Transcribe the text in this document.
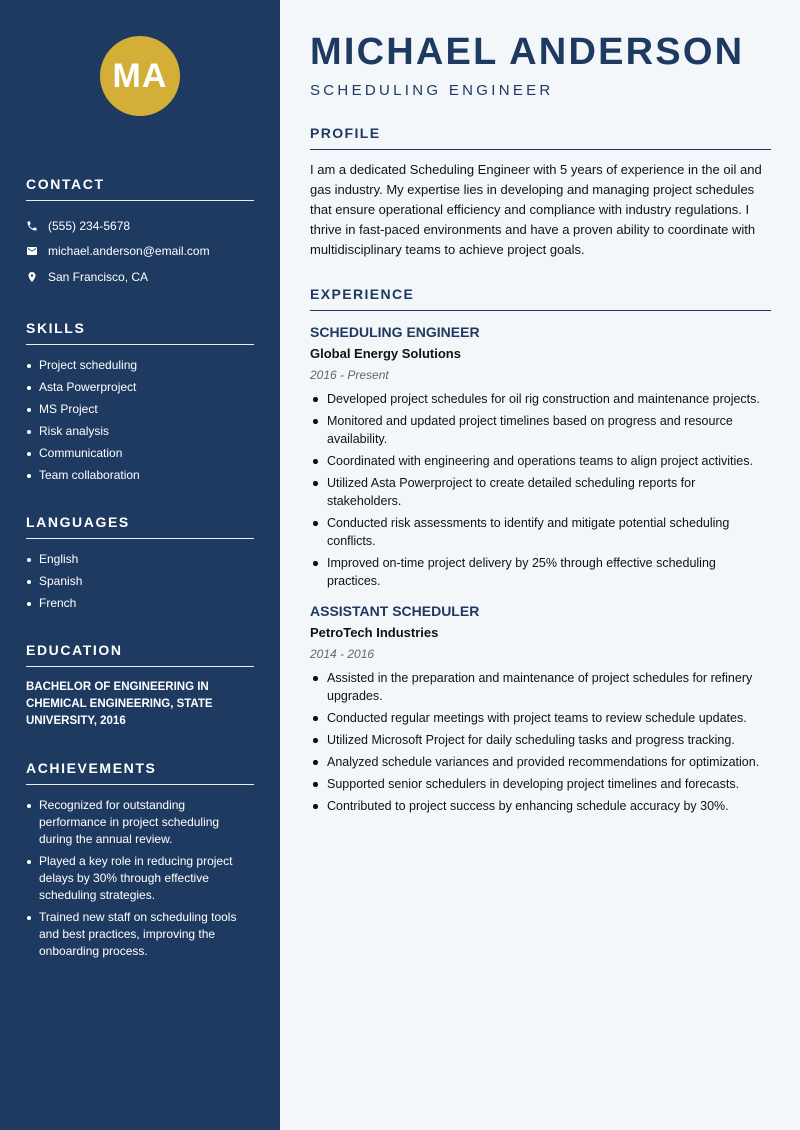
MA
CONTACT
(555) 234-5678
michael.anderson@email.com
San Francisco, CA
SKILLS
Project scheduling
Asta Powerproject
MS Project
Risk analysis
Communication
Team collaboration
LANGUAGES
English
Spanish
French
EDUCATION
BACHELOR OF ENGINEERING IN CHEMICAL ENGINEERING, STATE UNIVERSITY, 2016
ACHIEVEMENTS
Recognized for outstanding performance in project scheduling during the annual review.
Played a key role in reducing project delays by 30% through effective scheduling strategies.
Trained new staff on scheduling tools and best practices, improving the onboarding process.
MICHAEL ANDERSON
SCHEDULING ENGINEER
PROFILE

I am a dedicated Scheduling Engineer with 5 years of experience in the oil and gas industry. My expertise lies in developing and managing project schedules that ensure operational efficiency and compliance with industry regulations. I thrive in fast-paced environments and have a proven ability to coordinate with multidisciplinary teams to achieve project goals.

EXPERIENCE
SCHEDULING ENGINEER
Global Energy Solutions
2016 - Present
Developed project schedules for oil rig construction and maintenance projects.
Monitored and updated project timelines based on progress and resource availability.
Coordinated with engineering and operations teams to align project activities.
Utilized Asta Powerproject to create detailed scheduling reports for stakeholders.
Conducted risk assessments to identify and mitigate potential scheduling conflicts.
Improved on-time project delivery by 25% through effective scheduling practices.
ASSISTANT SCHEDULER
PetroTech Industries
2014 - 2016
Assisted in the preparation and maintenance of project schedules for refinery upgrades.
Conducted regular meetings with project teams to review schedule updates.
Utilized Microsoft Project for daily scheduling tasks and progress tracking.
Analyzed schedule variances and provided recommendations for optimization.
Supported senior schedulers in developing project timelines and forecasts.
Contributed to project success by enhancing schedule accuracy by 30%.
